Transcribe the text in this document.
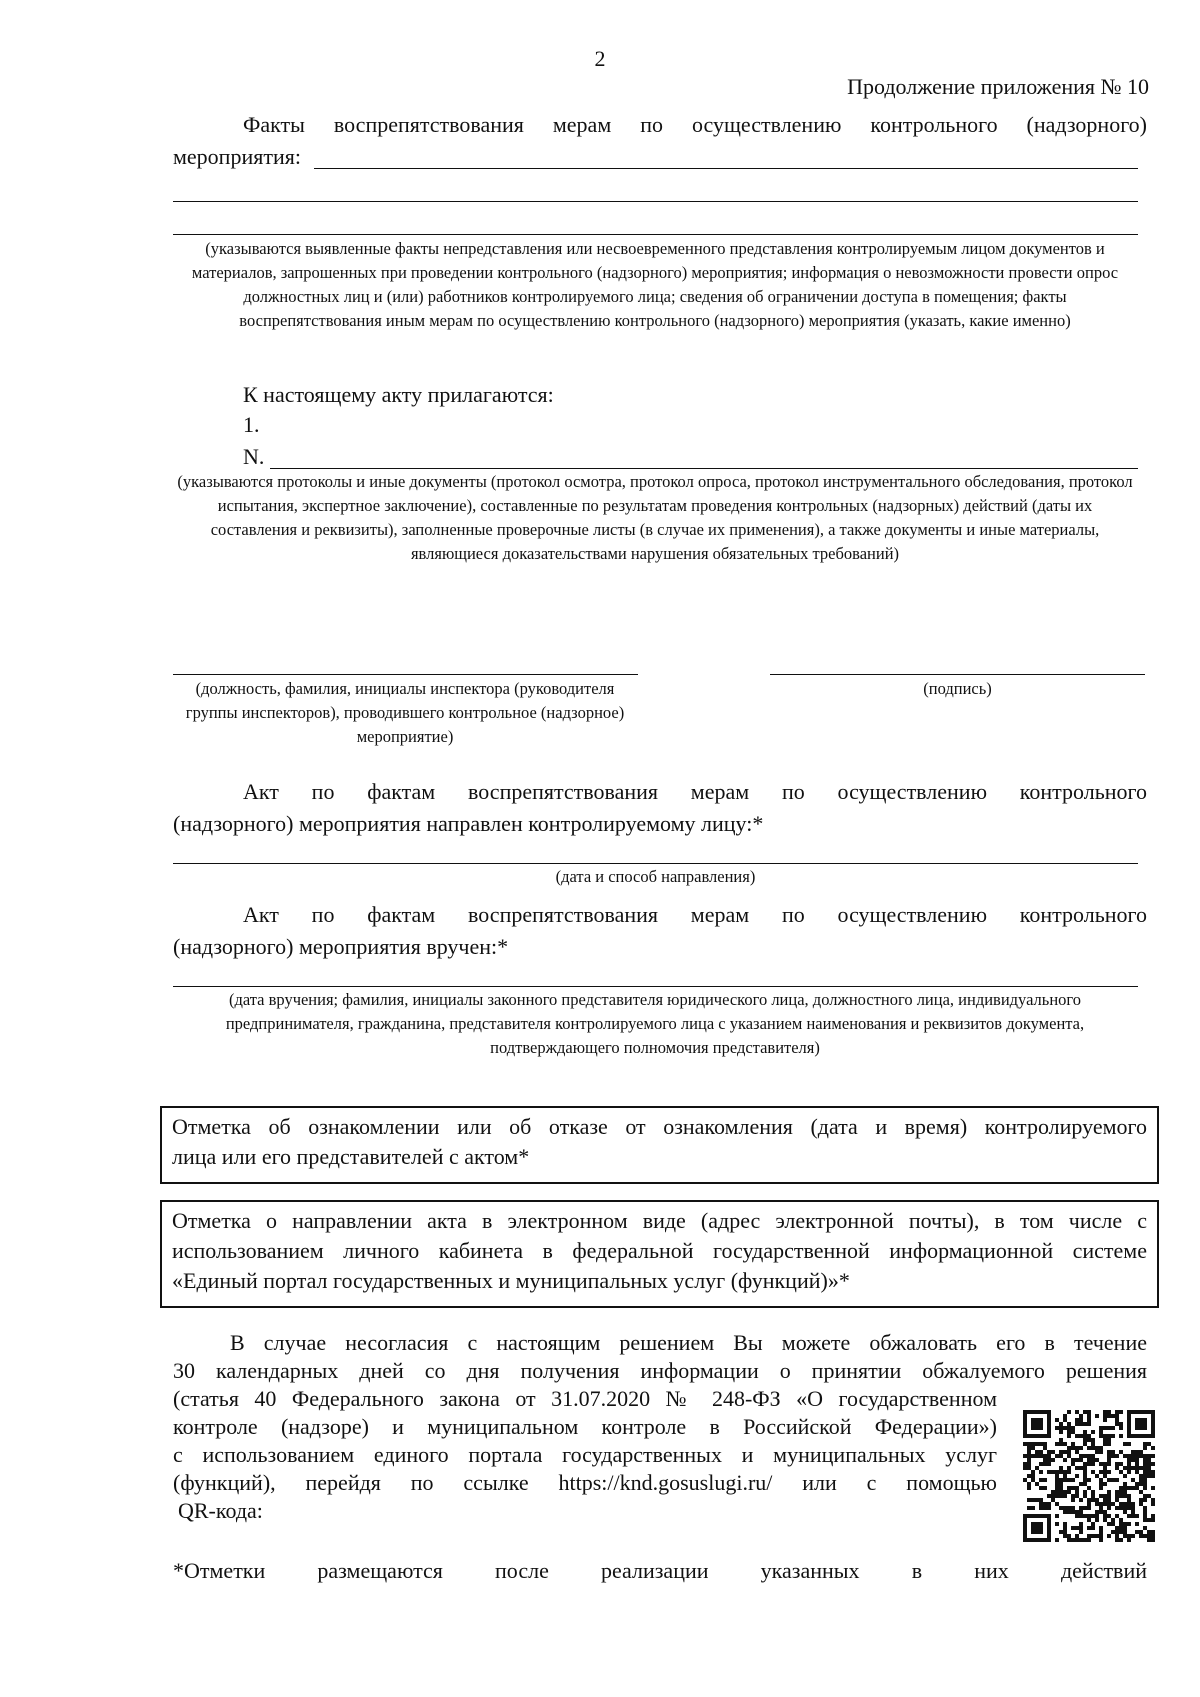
2
Продолжение приложения № 10
Факты воспрепятствования мерам по осуществлению контрольного (надзорного)
мероприятия:
(указываются выявленные факты непредставления или несвоевременного представления контролируемым лицом документов и материалов, запрошенных при проведении контрольного (надзорного) мероприятия; информация о невозможности провести опрос должностных лиц и (или) работников контролируемого лица; сведения об ограничении доступа в помещения; факты воспрепятствования иным мерам по осуществлению контрольного (надзорного) мероприятия (указать, какие именно)
К настоящему акту прилагаются:
1.
N.
(указываются протоколы и иные документы (протокол осмотра, протокол опроса, протокол инструментального обследования, протокол испытания, экспертное заключение), составленные по результатам проведения контрольных (надзорных) действий (даты их составления и реквизиты), заполненные проверочные листы (в случае их применения), а также документы и иные материалы, являющиеся доказательствами нарушения обязательных требований)
(должность, фамилия, инициалы инспектора (руководителя группы инспекторов), проводившего контрольное (надзорное) мероприятие)
(подпись)
Акт по фактам воспрепятствования мерам по осуществлению контрольного
(надзорного) мероприятия направлен контролируемому лицу:*
(дата и способ направления)
Акт по фактам воспрепятствования мерам по осуществлению контрольного
(надзорного) мероприятия вручен:*
(дата вручения; фамилия, инициалы законного представителя юридического лица, должностного лица, индивидуального предпринимателя, гражданина, представителя контролируемого лица с указанием наименования и реквизитов документа, подтверждающего полномочия представителя)
Отметка об ознакомлении или об отказе от ознакомления (дата и время) контролируемого
лица или его представителей с актом*
Отметка о направлении акта в электронном виде (адрес электронной почты), в том числе с
использованием личного кабинета в федеральной государственной информационной системе
«Единый портал государственных и муниципальных услуг (функций)»*
В случае несогласия с настоящим решением Вы можете обжаловать его в течение
30 календарных дней со дня получения информации о принятии обжалуемого решения
(статья 40 Федерального закона от 31.07.2020 № 248-ФЗ «О государственном
контроле (надзоре) и муниципальном контроле в Российской Федерации»)
с использованием единого портала государственных и муниципальных услуг
(функций), перейдя по ссылке https://knd.gosuslugi.ru/ или с помощью
QR-кода:
*Отметки размещаются после реализации указанных в них действий
